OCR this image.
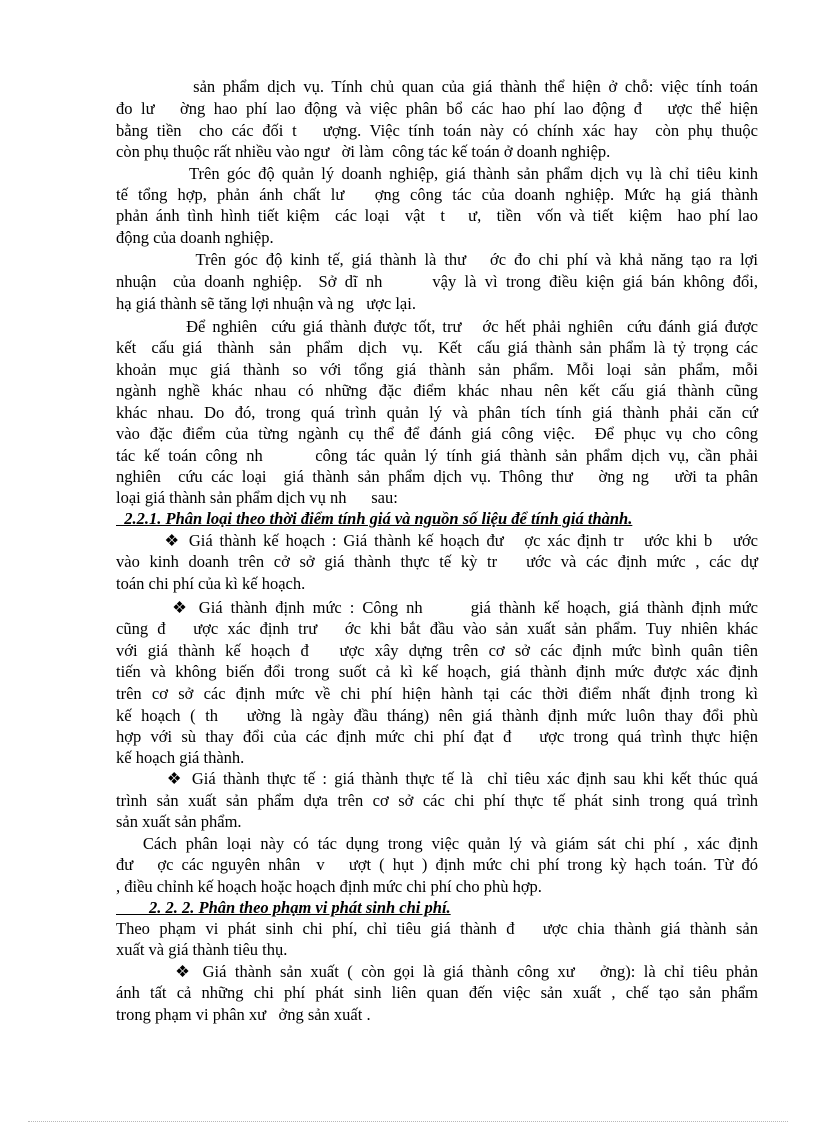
sản phẩm dịch vụ. Tính chủ quan của giá thành thể hiện ở chỗ: việc tính toán
đo lư   ờng hao phí lao động và việc phân bổ các hao phí lao động đ   ược thể hiện
bằng tiền  cho các đối t   ượng. Việc tính toán này có chính xác hay  còn phụ thuộc
còn phụ thuộc rất nhiều vào ngư   ời làm  công tác kế toán ở doanh nghiệp.
Trên góc độ quản lý doanh nghiệp, giá thành sản phẩm dịch vụ là chỉ tiêu kinh
tế tổng hợp, phản ánh chất lư   ợng công tác của doanh nghiệp. Mức hạ giá thành
phản ánh tình hình tiết kiệm  các loại  vật  t   ư,  tiền  vốn và tiết  kiệm  hao phí lao
động của doanh nghiệp.
Trên góc độ kinh tế, giá thành là thư   ớc đo chi phí và khả năng tạo ra lợi
nhuận  của doanh nghiệp.  Sở dĩ nh      vậy là vì trong điều kiện giá bán không đổi,
hạ giá thành sẽ tăng lợi nhuận và ng   ược lại.
Để nghiên  cứu giá thành được tốt, trư   ớc hết phải nghiên  cứu đánh giá được
kết  cấu giá  thành  sản  phẩm  dịch  vụ.  Kết  cấu giá thành sản phẩm là tỷ trọng các
khoản  mục  giá  thành  so  với  tổng  giá  thành  sản  phẩm.  Mỗi  loại  sản  phẩm,  mỗi
ngành nghề khác nhau có những đặc điểm khác nhau nên kết cấu giá thành cũng
khác nhau. Do đó, trong quá trình quản lý và phân tích tính giá thành phải căn cứ
vào đặc điểm của từng ngành cụ thể để đánh giá công việc.  Để phục vụ cho công
tác kế toán công nh      công tác quản lý tính giá thành sản phẩm dịch vụ, cần phải
nghiên  cứu các loại  giá thành sản phẩm dịch vụ. Thông thư   ờng ng   ười ta phân
loại giá thành sản phẩm dịch vụ nh      sau:
2.2.1. Phân loại theo thời điểm tính giá và nguồn số liệu để tính giá thành.
❖ Giá thành kế hoạch : Giá thành kế hoạch đư   ợc xác định tr   ước khi b   ước
vào kinh doanh trên cở sở giá thành thực tế kỳ tr   ước và các định mức , các dự
toán chi phí của kì kế hoạch.
❖ Giá thành định mức : Công nh      giá thành kế hoạch, giá thành định mức
cũng đ   ược xác định trư   ớc khi bắt đầu vào sản xuất sản phẩm. Tuy nhiên khác
với giá thành kế hoạch đ   ược xây dựng trên cơ sở các định mức bình quân tiên
tiến và không biến đổi trong suốt cả kì kế hoạch, giá thành định mức được xác định
trên cơ sở các định mức về chi phí hiện hành tại các thời điểm nhất định trong kì
kế hoạch ( th   ường là ngày đầu tháng) nên giá thành định mức luôn thay đổi phù
hợp với sù thay đổi của các định mức chi phí đạt đ   ược trong quá trình thực hiện
kế hoạch giá thành.
❖ Giá thành thực tế : giá thành thực tế là  chỉ tiêu xác định sau khi kết thúc quá
trình sản xuất sản phẩm dựa trên cơ sở các chi phí thực tế phát sinh trong quá trình
sản xuất sản phẩm.
Cách phân loại này có tác dụng trong việc quản lý và giám sát chi phí , xác định
đư   ợc các nguyên nhân  v   ượt ( hụt ) định mức chi phí trong kỳ hạch toán. Từ đó
, điều chỉnh kế hoạch hoặc hoạch định mức chi phí cho phù hợp.
2. 2. 2. Phân theo phạm vi phát sinh chi phí.
Theo phạm vi phát sinh chi phí, chỉ tiêu giá thành đ   ược chia thành giá thành sản
xuất và giá thành tiêu thụ.
❖ Giá thành sản xuất ( còn gọi là giá thành công xư   ởng): là chỉ tiêu phản
ánh tất cả những chi phí phát sinh liên quan đến việc sản xuất , chế tạo sản phẩm
trong phạm vi phân xư   ởng sản xuất .
